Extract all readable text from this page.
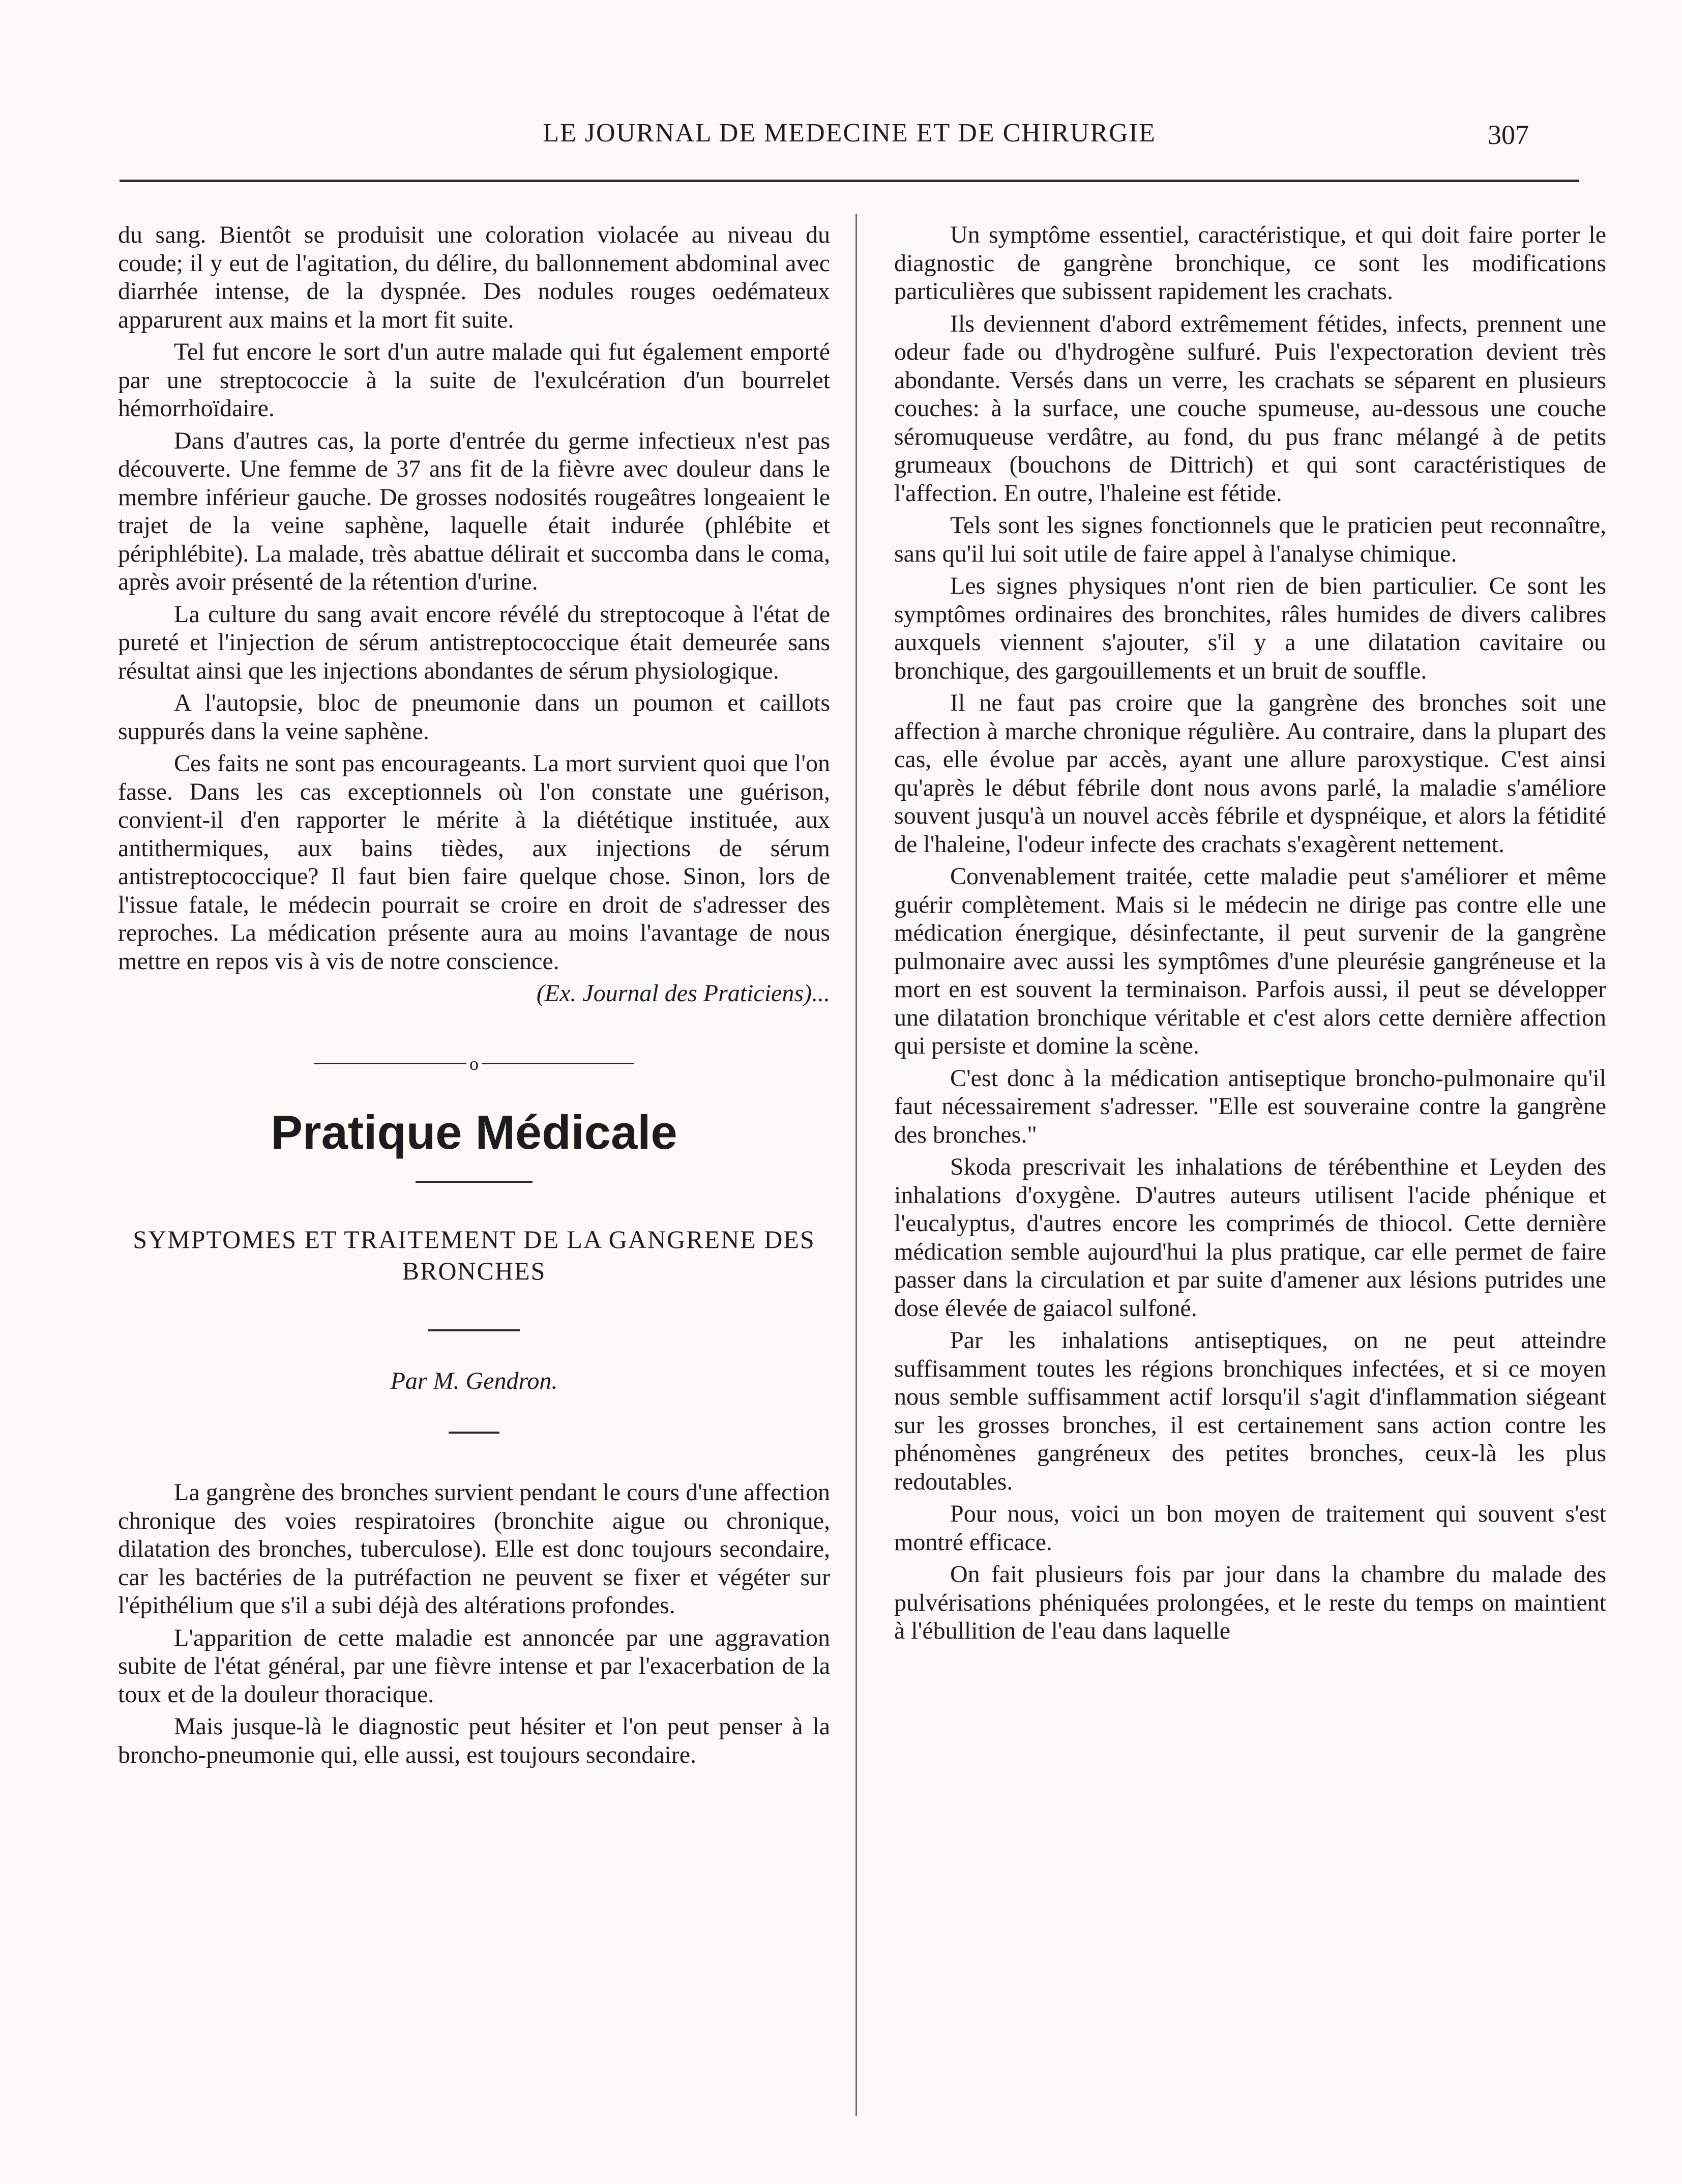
LE JOURNAL DE MEDECINE ET DE CHIRURGIE	307

du sang. Bientôt se produisit une coloration violacée au niveau du coude; il y eut de l'agitation, du délire, du ballonnement abdominal avec diarrhée intense, de la dyspnée. Des nodules rouges oedémateux apparurent aux mains et la mort fit suite.

Tel fut encore le sort d'un autre malade qui fut également emporté par une streptococcie à la suite de l'exulcération d'un bourrelet hémorrhoïdaire.

Dans d'autres cas, la porte d'entrée du germe infectieux n'est pas découverte. Une femme de 37 ans fit de la fièvre avec douleur dans le membre inférieur gauche. De grosses nodosités rougeâtres longeaient le trajet de la veine saphène, laquelle était indurée (phlébite et périphlébite). La malade, très abattue délirait et succomba dans le coma, après avoir présenté de la rétention d'urine.

La culture du sang avait encore révélé du streptocoque à l'état de pureté et l'injection de sérum antistreptococcique était demeurée sans résultat ainsi que les injections abondantes de sérum physiologique.

A l'autopsie, bloc de pneumonie dans un poumon et caillots suppurés dans la veine saphène.

Ces faits ne sont pas encourageants. La mort survient quoi que l'on fasse. Dans les cas exceptionnels où l'on constate une guérison, convient-il d'en rapporter le mérite à la diététique instituée, aux antithermiques, aux bains tièdes, aux injections de sérum antistreptococcique? Il faut bien faire quelque chose. Sinon, lors de l'issue fatale, le médecin pourrait se croire en droit de s'adresser des reproches. La médication présente aura au moins l'avantage de nous mettre en repos vis à vis de notre conscience.

(Ex. Journal des Praticiens)...
o
Pratique Médicale
SYMPTOMES ET TRAITEMENT DE LA GANGRENE DES BRONCHES
Par M. Gendron.

La gangrène des bronches survient pendant le cours d'une affection chronique des voies respiratoires (bronchite aigue ou chronique, dilatation des bronches, tuberculose). Elle est donc toujours secondaire, car les bactéries de la putréfaction ne peuvent se fixer et végéter sur l'épithélium que s'il a subi déjà des altérations profondes.

L'apparition de cette maladie est annoncée par une aggravation subite de l'état général, par une fièvre intense et par l'exacerbation de la toux et de la douleur thoracique.

Mais jusque-là le diagnostic peut hésiter et l'on peut penser à la broncho-pneumonie qui, elle aussi, est toujours secondaire.

Un symptôme essentiel, caractéristique, et qui doit faire porter le diagnostic de gangrène bronchique, ce sont les modifications particulières que subissent rapidement les crachats.

Ils deviennent d'abord extrêmement fétides, infects, prennent une odeur fade ou d'hydrogène sulfuré. Puis l'expectoration devient très abondante. Versés dans un verre, les crachats se séparent en plusieurs couches: à la surface, une couche spumeuse, au-dessous une couche séromuqueuse verdâtre, au fond, du pus franc mélangé à de petits grumeaux (bouchons de Dittrich) et qui sont caractéristiques de l'affection. En outre, l'haleine est fétide.

Tels sont les signes fonctionnels que le praticien peut reconnaître, sans qu'il lui soit utile de faire appel à l'analyse chimique.

Les signes physiques n'ont rien de bien particulier. Ce sont les symptômes ordinaires des bronchites, râles humides de divers calibres auxquels viennent s'ajouter, s'il y a une dilatation cavitaire ou bronchique, des gargouillements et un bruit de souffle.

Il ne faut pas croire que la gangrène des bronches soit une affection à marche chronique régulière. Au contraire, dans la plupart des cas, elle évolue par accès, ayant une allure paroxystique. C'est ainsi qu'après le début fébrile dont nous avons parlé, la maladie s'améliore souvent jusqu'à un nouvel accès fébrile et dyspnéique, et alors la fétidité de l'haleine, l'odeur infecte des crachats s'exagèrent nettement.

Convenablement traitée, cette maladie peut s'améliorer et même guérir complètement. Mais si le médecin ne dirige pas contre elle une médication énergique, désinfectante, il peut survenir de la gangrène pulmonaire avec aussi les symptômes d'une pleurésie gangréneuse et la mort en est souvent la terminaison. Parfois aussi, il peut se développer une dilatation bronchique véritable et c'est alors cette dernière affection qui persiste et domine la scène.

C'est donc à la médication antiseptique broncho-pulmonaire qu'il faut nécessairement s'adresser. "Elle est souveraine contre la gangrène des bronches."

Skoda prescrivait les inhalations de térébenthine et Leyden des inhalations d'oxygène. D'autres auteurs utilisent l'acide phénique et l'eucalyptus, d'autres encore les comprimés de thiocol. Cette dernière médication semble aujourd'hui la plus pratique, car elle permet de faire passer dans la circulation et par suite d'amener aux lésions putrides une dose élevée de gaiacol sulfoné.

Par les inhalations antiseptiques, on ne peut atteindre suffisamment toutes les régions bronchiques infectées, et si ce moyen nous semble suffisamment actif lorsqu'il s'agit d'inflammation siégeant sur les grosses bronches, il est certainement sans action contre les phénomènes gangréneux des petites bronches, ceux-là les plus redoutables.

Pour nous, voici un bon moyen de traitement qui souvent s'est montré efficace.

On fait plusieurs fois par jour dans la chambre du malade des pulvérisations phéniquées prolongées, et le reste du temps on maintient à l'ébullition de l'eau dans laquelle
